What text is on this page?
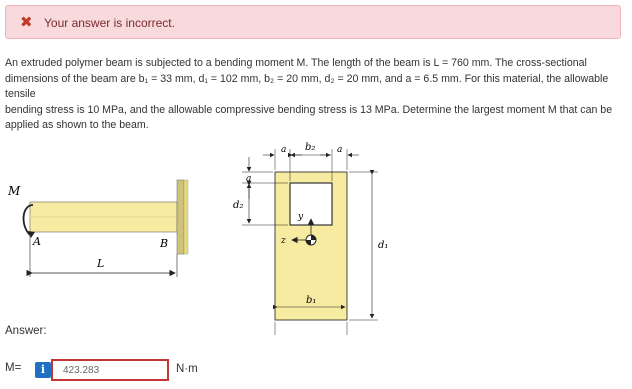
✖ Your answer is incorrect.

An extruded polymer beam is subjected to a bending moment M. The length of the beam is L = 760 mm. The cross-sectional

dimensions of the beam are b₁ = 33 mm, d₁ = 102 mm, b₂ = 20 mm, d₂ = 20 mm, and a = 6.5 mm. For this material, the allowable tensile

bending stress is 10 MPa, and the allowable compressive bending stress is 13 MPa. Determine the largest moment M that can be

applied as shown to the beam.

M
A	B
L
y
z
a b₂ a
a
d₂
d₁
b₁
Answer:
M=	i
423.283	N·m
